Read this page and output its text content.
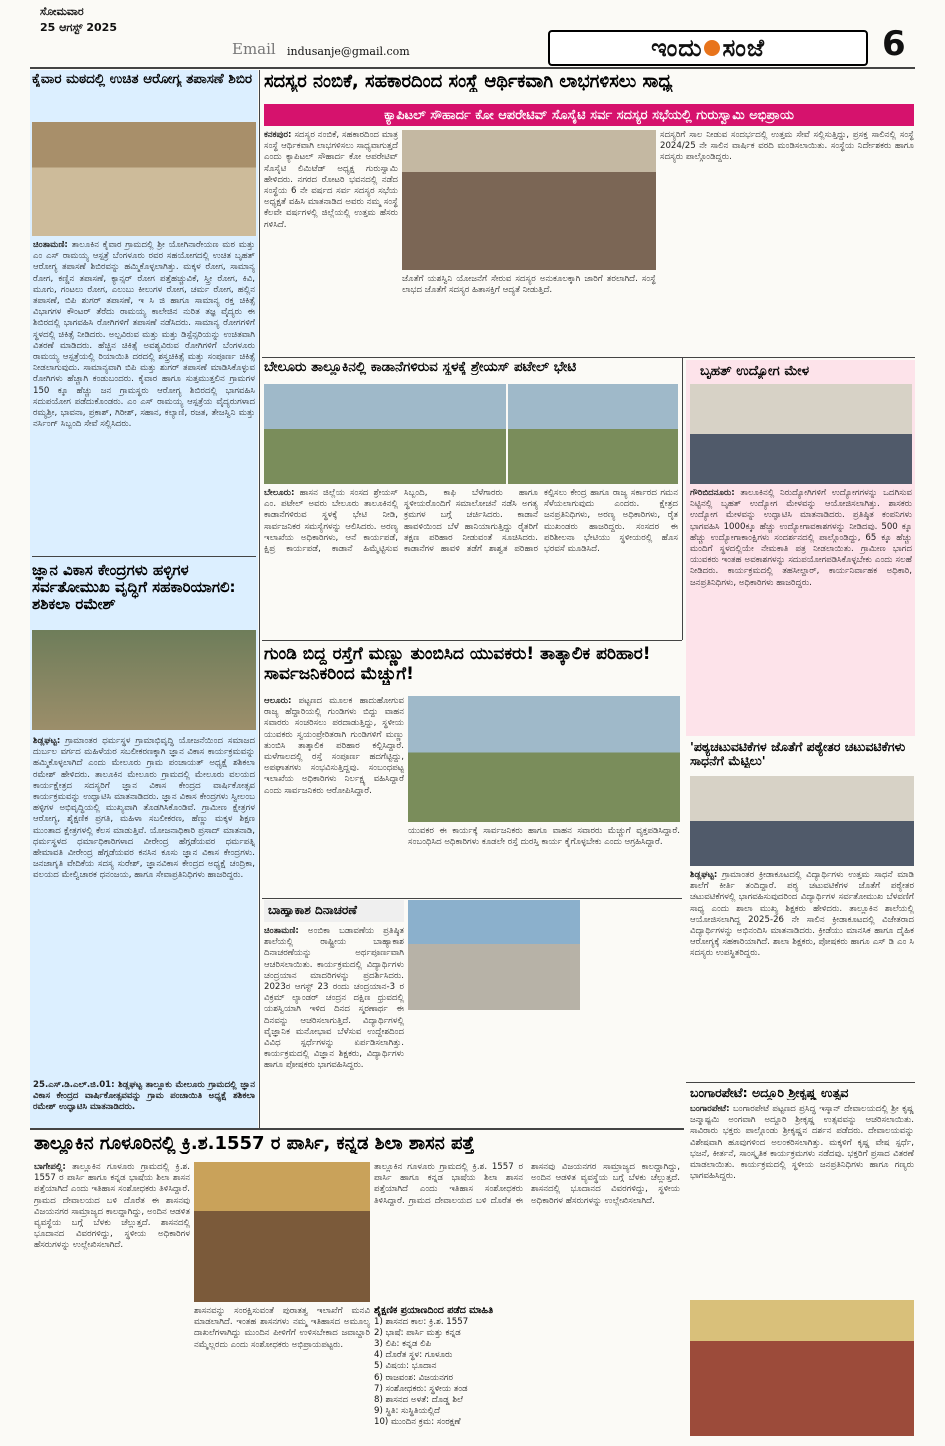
ಸೋಮವಾರ
25 ಆಗಸ್ಟ್ 2025
Email indusanje@gmail.com	ಇಂದು ಸಂಜೆ	6
ಕೈವಾರ ಮಠದಲ್ಲಿ ಉಚಿತ ಆರೋಗ್ಯ ತಪಾಸಣೆ ಶಿಬಿರ
ಚಿಂತಾಮಣಿ: ತಾಲೂಕಿನ ಕೈವಾರ ಗ್ರಾಮದಲ್ಲಿ ಶ್ರೀ ಯೋಗಿನಾರೇಯಣ ಮಠ ಮತ್ತು ಎಂ ಎಸ್ ರಾಮಯ್ಯ ಆಸ್ಪತ್ರೆ ಬೆಂಗಳೂರು ರವರ ಸಹಯೋಗದಲ್ಲಿ ಉಚಿತ ಬೃಹತ್ ಆರೋಗ್ಯ ತಪಾಸಣೆ ಶಿಬಿರವನ್ನು ಹಮ್ಮಿಕೊಳ್ಳಲಾಗಿತ್ತು. ಮಕ್ಕಳ ರೋಗ, ಸಾಮಾನ್ಯ ರೋಗ, ಕಣ್ಣಿನ ತಪಾಸಣೆ, ಕ್ಯಾನ್ಸರ್ ರೋಗ ಪತ್ತೆಹಚ್ಚುವಿಕೆ, ಸ್ತ್ರೀ ರೋಗ, ಕಿವಿ, ಮೂಗು, ಗಂಟಲು ರೋಗ, ಎಲುಬು ಕೀಲುಗಳ ರೋಗ, ಚರ್ಮ ರೋಗ, ಹಲ್ಲಿನ ತಪಾಸಣೆ, ಬಿಪಿ ಶುಗರ್ ತಪಾಸಣೆ, ಇ ಸಿ ಜಿ ಹಾಗೂ ಸಾಮಾನ್ಯ ರಕ್ತ ಚಿಕಿತ್ಸೆ ವಿಭಾಗಗಳ ಕೌಂಟರ್ ತೆರೆದು ರಾಮಯ್ಯ ಕಾಲೇಜಿನ ನುರಿತ ತಜ್ಞ ವೈದ್ಯರು ಈ ಶಿಬಿರದಲ್ಲಿ ಭಾಗವಹಿಸಿ ರೋಗಿಗಳಿಗೆ ತಪಾಸಣೆ ನಡೆಸಿದರು. ಸಾಮಾನ್ಯ ರೋಗಗಳಿಗೆ ಸ್ಥಳದಲ್ಲಿ ಚಿಕಿತ್ಸೆ ನೀಡಿದರು. ಅಲ್ಪವಿರುವ ಮತ್ತು ಮತ್ತು ಡಿಸ್ಪೆನ್ಸರಿಯನ್ನು ಉಚಿತವಾಗಿ ವಿತರಣೆ ಮಾಡಿದರು. ಹೆಚ್ಚಿನ ಚಿಕಿತ್ಸೆ ಅವಶ್ಯವಿರುವ ರೋಗಿಗಳಿಗೆ ಬೆಂಗಳೂರು ರಾಮಯ್ಯ ಆಸ್ಪತ್ರೆಯಲ್ಲಿ ರಿಯಾಯಿತಿ ದರದಲ್ಲಿ ಶಸ್ತ್ರಚಿಕಿತ್ಸೆ ಮತ್ತು ಸಂಪೂರ್ಣ ಚಿಕಿತ್ಸೆ ನೀಡಲಾಗುವುದು. ಸಾಮಾನ್ಯವಾಗಿ ಬಿಪಿ ಮತ್ತು ಶುಗರ್ ತಪಾಸಣೆ ಮಾಡಿಸಿಕೊಳ್ಳುವ ರೋಗಿಗಳು ಹೆಚ್ಚಾಗಿ ಕಂಡುಬಂದರು. ಕೈವಾರ ಹಾಗೂ ಸುತ್ತಮುತ್ತಲಿನ ಗ್ರಾಮಗಳ 150 ಕ್ಕೂ ಹೆಚ್ಚು ಜನ ಗ್ರಾಮಸ್ಥರು ಆರೋಗ್ಯ ಶಿಬಿರದಲ್ಲಿ ಭಾಗವಹಿಸಿ ಸದುಪಯೋಗ ಪಡೆದುಕೊಂಡರು. ಎಂ ಎಸ್ ರಾಮಯ್ಯ ಆಸ್ಪತ್ರೆಯ ವೈದ್ಯರುಗಳಾದ ರಮ್ಯಶ್ರೀ, ಭಾವನಾ, ಪ್ರಕಾಶ್, ಗಿರೀಶ್, ಸಹಾನ, ಕಲ್ಯಾಣಿ, ರಜತ, ತೇಜಸ್ವಿನಿ ಮತ್ತು ನರ್ಸಿಂಗ್ ಸಿಬ್ಬಂದಿ ಸೇವೆ ಸಲ್ಲಿಸಿದರು.
ಜ್ಞಾನ ವಿಕಾಸ ಕೇಂದ್ರಗಳು ಹಳ್ಳಿಗಳ ಸರ್ವತೋಮುಖ ವೃದ್ಧಿಗೆ ಸಹಕಾರಿಯಾಗಲಿ: ಶಶಿಕಲಾ ರಮೇಶ್
ಶಿಡ್ಲಘಟ್ಟ: ಗ್ರಾಮಾಂತರ ಧರ್ಮಸ್ಥಳ ಗ್ರಾಮಾಭಿವೃದ್ಧಿ ಯೋಜನೆಯಿಂದ ಸಮಾಜದ ದುರ್ಬಲ ವರ್ಗದ ಮಹಿಳೆಯರ ಸಬಲೀಕರಣಕ್ಕಾಗಿ ಜ್ಞಾನ ವಿಕಾಸ ಕಾರ್ಯಕ್ರಮವನ್ನು ಹಮ್ಮಿಕೊಳ್ಳಲಾಗಿದೆ ಎಂದು ಮೇಲೂರು ಗ್ರಾಮ ಪಂಚಾಯತ್ ಅಧ್ಯಕ್ಷೆ ಶಶಿಕಲಾ ರಮೇಶ್ ಹೇಳಿದರು. ತಾಲೂಕಿನ ಮೇಲೂರು ಗ್ರಾಮದಲ್ಲಿ ಮೇಲೂರು ವಲಯದ ಕಾರ್ಯಕ್ಷೇತ್ರದ ಸದಸ್ಯರಿಗೆ ಜ್ಞಾನ ವಿಕಾಸ ಕೇಂದ್ರದ ವಾರ್ಷಿಕೋತ್ಸವ ಕಾರ್ಯಕ್ರಮವನ್ನು ಉದ್ಘಾಟಿಸಿ ಮಾತನಾಡಿದರು. ಜ್ಞಾನ ವಿಕಾಸ ಕೇಂದ್ರಗಳು ಸ್ವೀಲಂಬ ಹಳ್ಳಿಗಳ ಅಭಿವೃದ್ಧಿಯಲ್ಲಿ ಮುಖ್ಯವಾಗಿ ತೊಡಗಿಸಿಕೊಂಡಿವೆ. ಗ್ರಾಮೀಣ ಕ್ಷೇತ್ರಗಳ ಆರೋಗ್ಯ, ಶೈಕ್ಷಣಿಕ ಪ್ರಗತಿ, ಮಹಿಳಾ ಸಬಲೀಕರಣ, ಹೆಣ್ಣು ಮಕ್ಕಳ ಶಿಕ್ಷಣ ಮುಂತಾದ ಕ್ಷೇತ್ರಗಳಲ್ಲಿ ಕೆಲಸ ಮಾಡುತ್ತಿವೆ. ಯೋಜನಾಧಿಕಾರಿ ಪ್ರಸಾದ್ ಮಾತನಾಡಿ, ಧರ್ಮಸ್ಥಳದ ಧರ್ಮಾಧಿಕಾರಿಗಳಾದ ವೀರೇಂದ್ರ ಹೆಗ್ಗಡೆಯವರ ಧರ್ಮಪತ್ನಿ ಹೇಮಾವತಿ ವೀರೇಂದ್ರ ಹೆಗ್ಗಡೆಯವರ ಕನಸಿನ ಕೂಸು ಜ್ಞಾನ ವಿಕಾಸ ಕೇಂದ್ರಗಳು. ಜನಜಾಗೃತಿ ವೇದಿಕೆಯ ಸದಸ್ಯ ಸುರೇಶ್, ಜ್ಞಾನವಿಕಾಸ ಕೇಂದ್ರದ ಅಧ್ಯಕ್ಷೆ ಚಂದ್ರಿಕಾ, ವಲಯದ ಮೇಲ್ವಿಚಾರಕ ಧನಂಜಯ, ಹಾಗೂ ಸೇವಾಪ್ರತಿನಿಧಿಗಳು ಹಾಜರಿದ್ದರು.
25.ಎಸ್.ಡಿ.ಎಲ್.ಜಿ.01: ಶಿಡ್ಲಘಟ್ಟ ತಾಲ್ಲೂಕು ಮೇಲೂರು ಗ್ರಾಮದಲ್ಲಿ ಜ್ಞಾನ ವಿಕಾಸ ಕೇಂದ್ರದ ವಾರ್ಷಿಕೋತ್ಸವವನ್ನು ಗ್ರಾಮ ಪಂಚಾಯಿತಿ ಅಧ್ಯಕ್ಷೆ ಶಶಿಕಲಾ ರಮೇಶ್ ಉದ್ಘಾಟಿಸಿ ಮಾತನಾಡಿದರು.
ಸದಸ್ಯರ ನಂಬಿಕೆ, ಸಹಕಾರದಿಂದ ಸಂಸ್ಥೆ ಆರ್ಥಿಕವಾಗಿ ಲಾಭಗಳಿಸಲು ಸಾಧ್ಯ
ಕ್ಯಾಪಿಟಲ್ ಸೌಹಾರ್ದ ಕೋ ಆಪರೇಟಿವ್ ಸೊಸೈಟಿ ಸರ್ವ ಸದಸ್ಯರ ಸಭೆಯಲ್ಲಿ ಗುರುಸ್ವಾಮಿ ಅಭಿಪ್ರಾಯ
ಕನಕಪುರ: ಸದಸ್ಯರ ನಂಬಿಕೆ, ಸಹಕಾರದಿಂದ ಮಾತ್ರ ಸಂಸ್ಥೆ ಆರ್ಥಿಕವಾಗಿ ಲಾಭಗಳಿಸಲು ಸಾಧ್ಯವಾಗುತ್ತದೆ ಎಂದು ಕ್ಯಾಪಿಟಲ್ ಸೌಹಾರ್ದ ಕೋ ಆಪರೇಟಿವ್ ಸೊಸೈಟಿ ಲಿಮಿಟೆಡ್ ಅಧ್ಯಕ್ಷ ಗುರುಸ್ವಾಮಿ ಹೇಳಿದರು. ನಗರದ ರೋಟರಿ ಭವನದಲ್ಲಿ ನಡೆದ ಸಂಸ್ಥೆಯ 6 ನೇ ವರ್ಷದ ಸರ್ವ ಸದಸ್ಯರ ಸಭೆಯ ಅಧ್ಯಕ್ಷತೆ ವಹಿಸಿ ಮಾತನಾಡಿದ ಅವರು ನಮ್ಮ ಸಂಸ್ಥೆ ಕೆಲವೇ ವರ್ಷಗಳಲ್ಲಿ ಜಿಲ್ಲೆಯಲ್ಲಿ ಉತ್ತಮ ಹೆಸರು ಗಳಿಸಿದೆ.
ಜೊತೆಗೆ ಯಶಸ್ವಿನಿ ಯೋಜನೆಗೆ ಸೇರುವ ಸದಸ್ಯರ ಅನುಕೂಲಕ್ಕಾಗಿ ಜಾರಿಗೆ ತರಲಾಗಿದೆ. ಸಂಸ್ಥೆ ಲಾಭದ ಜೊತೆಗೆ ಸದಸ್ಯರ ಹಿತಾಸಕ್ತಿಗೆ ಆದ್ಯತೆ ನೀಡುತ್ತಿದೆ.
ಸದಸ್ಯರಿಗೆ ಸಾಲ ನೀಡುವ ಸಂದರ್ಭದಲ್ಲಿ ಉತ್ತಮ ಸೇವೆ ಸಲ್ಲಿಸುತ್ತಿದ್ದು, ಪ್ರಸಕ್ತ ಸಾಲಿನಲ್ಲಿ ಸಂಸ್ಥೆ 2024/25 ನೇ ಸಾಲಿನ ವಾರ್ಷಿಕ ವರದಿ ಮಂಡಿಸಲಾಯಿತು. ಸಂಸ್ಥೆಯ ನಿರ್ದೇಶಕರು ಹಾಗೂ ಸದಸ್ಯರು ಪಾಲ್ಗೊಂಡಿದ್ದರು.
ಬೇಲೂರು ತಾಲ್ಲೂಕಿನಲ್ಲಿ ಕಾಡಾನೆಗಳಿರುವ ಸ್ಥಳಕ್ಕೆ ಶ್ರೇಯಸ್ ಪಟೇಲ್ ಭೇಟಿ
ಬೇಲೂರು: ಹಾಸನ ಜಿಲ್ಲೆಯ ಸಂಸದ ಶ್ರೇಯಸ್ ಎಂ. ಪಟೇಲ್ ಅವರು ಬೇಲೂರು ತಾಲೂಕಿನಲ್ಲಿ ಕಾಡಾನೆಗಳಿರುವ ಸ್ಥಳಕ್ಕೆ ಭೇಟಿ ನೀಡಿ, ಸಾರ್ವಜನಿಕರ ಸಮಸ್ಯೆಗಳನ್ನು ಆಲಿಸಿದರು. ಅರಣ್ಯ ಇಲಾಖೆಯ ಅಧಿಕಾರಿಗಳು, ಆನೆ ಕಾರ್ಯಪಡೆ, ಕ್ಷಿಪ್ರ ಕಾರ್ಯಪಡೆ, ಕಾಡಾನೆ ಹಿಮ್ಮೆಟ್ಟಿಸುವ ಸಿಬ್ಬಂದಿ, ಕಾಫಿ ಬೆಳೆಗಾರರು ಹಾಗೂ ಸ್ಥಳೀಯರೊಂದಿಗೆ ಸಮಾಲೋಚನೆ ನಡೆಸಿ ಅಗತ್ಯ ಕ್ರಮಗಳ ಬಗ್ಗೆ ಚರ್ಚಿಸಿದರು. ಕಾಡಾನೆ ಹಾವಳಿಯಿಂದ ಬೆಳೆ ಹಾನಿಯಾಗುತ್ತಿದ್ದು ರೈತರಿಗೆ ತಕ್ಷಣ ಪರಿಹಾರ ನೀಡುವಂತೆ ಸೂಚಿಸಿದರು. ಕಾಡಾನೆಗಳ ಹಾವಳಿ ತಡೆಗೆ ಶಾಶ್ವತ ಪರಿಹಾರ ಕಲ್ಪಿಸಲು ಕೇಂದ್ರ ಹಾಗೂ ರಾಜ್ಯ ಸರ್ಕಾರದ ಗಮನ ಸೆಳೆಯಲಾಗುವುದು ಎಂದರು. ಕ್ಷೇತ್ರದ ಜನಪ್ರತಿನಿಧಿಗಳು, ಅರಣ್ಯ ಅಧಿಕಾರಿಗಳು, ರೈತ ಮುಖಂಡರು ಹಾಜರಿದ್ದರು. ಸಂಸದರ ಈ ಪರಿಶೀಲನಾ ಭೇಟಿಯು ಸ್ಥಳೀಯರಲ್ಲಿ ಹೊಸ ಭರವಸೆ ಮೂಡಿಸಿದೆ.
ಬೃಹತ್ ಉದ್ಯೋಗ ಮೇಳ
ಗೌರಿಬಿದನೂರು: ತಾಲೂಕಿನಲ್ಲಿ ನಿರುದ್ಯೋಗಿಗಳಿಗೆ ಉದ್ಯೋಗಗಳನ್ನು ಒದಗಿಸುವ ನಿಟ್ಟಿನಲ್ಲಿ ಬೃಹತ್ ಉದ್ಯೋಗ ಮೇಳವನ್ನು ಆಯೋಜಿಸಲಾಗಿತ್ತು. ಶಾಸಕರು ಉದ್ಯೋಗ ಮೇಳವನ್ನು ಉದ್ಘಾಟಿಸಿ ಮಾತನಾಡಿದರು. ಪ್ರತಿಷ್ಠಿತ ಕಂಪನಿಗಳು ಭಾಗವಹಿಸಿ 1000ಕ್ಕೂ ಹೆಚ್ಚು ಉದ್ಯೋಗಾವಕಾಶಗಳನ್ನು ನೀಡಿದವು. 500 ಕ್ಕೂ ಹೆಚ್ಚು ಉದ್ಯೋಗಾಕಾಂಕ್ಷಿಗಳು ಸಂದರ್ಶನದಲ್ಲಿ ಪಾಲ್ಗೊಂಡಿದ್ದು, 65 ಕ್ಕೂ ಹೆಚ್ಚು ಮಂದಿಗೆ ಸ್ಥಳದಲ್ಲಿಯೇ ನೇಮಕಾತಿ ಪತ್ರ ನೀಡಲಾಯಿತು. ಗ್ರಾಮೀಣ ಭಾಗದ ಯುವಕರು ಇಂತಹ ಅವಕಾಶಗಳನ್ನು ಸದುಪಯೋಗಪಡಿಸಿಕೊಳ್ಳಬೇಕು ಎಂದು ಸಲಹೆ ನೀಡಿದರು. ಕಾರ್ಯಕ್ರಮದಲ್ಲಿ ತಹಸೀಲ್ದಾರ್, ಕಾರ್ಯನಿರ್ವಾಹಕ ಅಧಿಕಾರಿ, ಜನಪ್ರತಿನಿಧಿಗಳು, ಅಧಿಕಾರಿಗಳು ಹಾಜರಿದ್ದರು.
ಗುಂಡಿ ಬಿದ್ದ ರಸ್ತೆಗೆ ಮಣ್ಣು ತುಂಬಿಸಿದ ಯುವಕರು! ತಾತ್ಕಾಲಿಕ ಪರಿಹಾರ! ಸಾರ್ವಜನಿಕರಿಂದ ಮೆಚ್ಚುಗೆ!
ಆಲೂರು: ಪಟ್ಟಣದ ಮೂಲಕ ಹಾದುಹೋಗುವ ರಾಜ್ಯ ಹೆದ್ದಾರಿಯಲ್ಲಿ ಗುಂಡಿಗಳು ಬಿದ್ದು ವಾಹನ ಸವಾರರು ಸಂಚರಿಸಲು ಪರದಾಡುತ್ತಿದ್ದು, ಸ್ಥಳೀಯ ಯುವಕರು ಸ್ವಯಂಪ್ರೇರಿತರಾಗಿ ಗುಂಡಿಗಳಿಗೆ ಮಣ್ಣು ತುಂಬಿಸಿ ತಾತ್ಕಾಲಿಕ ಪರಿಹಾರ ಕಲ್ಪಿಸಿದ್ದಾರೆ. ಮಳೆಗಾಲದಲ್ಲಿ ರಸ್ತೆ ಸಂಪೂರ್ಣ ಹದಗೆಟ್ಟಿದ್ದು, ಅಪಘಾತಗಳು ಸಂಭವಿಸುತ್ತಿದ್ದವು. ಸಂಬಂಧಪಟ್ಟ ಇಲಾಖೆಯ ಅಧಿಕಾರಿಗಳು ನಿರ್ಲಕ್ಷ್ಯ ವಹಿಸಿದ್ದಾರೆ ಎಂದು ಸಾರ್ವಜನಿಕರು ಆರೋಪಿಸಿದ್ದಾರೆ.
ಯುವಕರ ಈ ಕಾರ್ಯಕ್ಕೆ ಸಾರ್ವಜನಿಕರು ಹಾಗೂ ವಾಹನ ಸವಾರರು ಮೆಚ್ಚುಗೆ ವ್ಯಕ್ತಪಡಿಸಿದ್ದಾರೆ. ಸಂಬಂಧಿಸಿದ ಅಧಿಕಾರಿಗಳು ಕೂಡಲೇ ರಸ್ತೆ ದುರಸ್ತಿ ಕಾರ್ಯ ಕೈಗೊಳ್ಳಬೇಕು ಎಂದು ಆಗ್ರಹಿಸಿದ್ದಾರೆ.
ಬಾಹ್ಯಾಕಾಶ ದಿನಾಚರಣೆ
ಚಿಂತಾಮಣಿ: ಅಂಬಿಕಾ ಬಡಾವಣೆಯ ಪ್ರತಿಷ್ಠಿತ ಶಾಲೆಯಲ್ಲಿ ರಾಷ್ಟ್ರೀಯ ಬಾಹ್ಯಾಕಾಶ ದಿನಾಚರಣೆಯನ್ನು ಅರ್ಥಪೂರ್ಣವಾಗಿ ಆಚರಿಸಲಾಯಿತು. ಕಾರ್ಯಕ್ರಮದಲ್ಲಿ ವಿದ್ಯಾರ್ಥಿಗಳು ಚಂದ್ರಯಾನ ಮಾದರಿಗಳನ್ನು ಪ್ರದರ್ಶಿಸಿದರು. 2023ರ ಆಗಸ್ಟ್ 23 ರಂದು ಚಂದ್ರಯಾನ-3 ರ ವಿಕ್ರಮ್ ಲ್ಯಾಂಡರ್ ಚಂದ್ರನ ದಕ್ಷಿಣ ಧ್ರುವದಲ್ಲಿ ಯಶಸ್ವಿಯಾಗಿ ಇಳಿದ ದಿನದ ಸ್ಮರಣಾರ್ಥ ಈ ದಿನವನ್ನು ಆಚರಿಸಲಾಗುತ್ತಿದೆ. ವಿದ್ಯಾರ್ಥಿಗಳಲ್ಲಿ ವೈಜ್ಞಾನಿಕ ಮನೋಭಾವ ಬೆಳೆಸುವ ಉದ್ದೇಶದಿಂದ ವಿವಿಧ ಸ್ಪರ್ಧೆಗಳನ್ನು ಏರ್ಪಡಿಸಲಾಗಿತ್ತು. ಕಾರ್ಯಕ್ರಮದಲ್ಲಿ ವಿಜ್ಞಾನ ಶಿಕ್ಷಕರು, ವಿದ್ಯಾರ್ಥಿಗಳು ಹಾಗೂ ಪೋಷಕರು ಭಾಗವಹಿಸಿದ್ದರು.
'ಪಠ್ಯಚಟುವಟಿಕೆಗಳ ಜೊತೆಗೆ ಪಠ್ಯೇತರ ಚಟುವಟಿಕೆಗಳು ಸಾಧನೆಗೆ ಮೆಟ್ಟಿಲು'
ಶಿಡ್ಲಘಟ್ಟ: ಗ್ರಾಮಾಂತರ ಕ್ರೀಡಾಕೂಟದಲ್ಲಿ ವಿದ್ಯಾರ್ಥಿಗಳು ಉತ್ತಮ ಸಾಧನೆ ಮಾಡಿ ಶಾಲೆಗೆ ಕೀರ್ತಿ ತಂದಿದ್ದಾರೆ. ಪಠ್ಯ ಚಟುವಟಿಕೆಗಳ ಜೊತೆಗೆ ಪಠ್ಯೇತರ ಚಟುವಟಿಕೆಗಳಲ್ಲಿ ಭಾಗವಹಿಸುವುದರಿಂದ ವಿದ್ಯಾರ್ಥಿಗಳ ಸರ್ವತೋಮುಖ ಬೆಳವಣಿಗೆ ಸಾಧ್ಯ ಎಂದು ಶಾಲಾ ಮುಖ್ಯ ಶಿಕ್ಷಕರು ಹೇಳಿದರು. ತಾಲ್ಲೂಕಿನ ಶಾಲೆಯಲ್ಲಿ ಆಯೋಜಿಸಲಾಗಿದ್ದ 2025-26 ನೇ ಸಾಲಿನ ಕ್ರೀಡಾಕೂಟದಲ್ಲಿ ವಿಜೇತರಾದ ವಿದ್ಯಾರ್ಥಿಗಳನ್ನು ಅಭಿನಂದಿಸಿ ಮಾತನಾಡಿದರು. ಕ್ರೀಡೆಯು ಮಾನಸಿಕ ಹಾಗೂ ದೈಹಿಕ ಆರೋಗ್ಯಕ್ಕೆ ಸಹಕಾರಿಯಾಗಿದೆ. ಶಾಲಾ ಶಿಕ್ಷಕರು, ಪೋಷಕರು ಹಾಗೂ ಎಸ್ ಡಿ ಎಂ ಸಿ ಸದಸ್ಯರು ಉಪಸ್ಥಿತರಿದ್ದರು.
ಬಂಗಾರಪೇಟೆ: ಅದ್ದೂರಿ ಶ್ರೀಕೃಷ್ಣ ಉತ್ಸವ
ಬಂಗಾರಪೇಟೆ: ಬಂಗಾರಪೇಟೆ ಪಟ್ಟಣದ ಪ್ರಸಿದ್ಧ ಇಸ್ಕಾನ್ ದೇವಾಲಯದಲ್ಲಿ ಶ್ರೀ ಕೃಷ್ಣ ಜನ್ಮಾಷ್ಟಮಿ ಅಂಗವಾಗಿ ಅದ್ದೂರಿ ಶ್ರೀಕೃಷ್ಣ ಉತ್ಸವವನ್ನು ಆಚರಿಸಲಾಯಿತು. ಸಾವಿರಾರು ಭಕ್ತರು ಪಾಲ್ಗೊಂಡು ಶ್ರೀಕೃಷ್ಣನ ದರ್ಶನ ಪಡೆದರು. ದೇವಾಲಯವನ್ನು ವಿಶೇಷವಾಗಿ ಹೂವುಗಳಿಂದ ಅಲಂಕರಿಸಲಾಗಿತ್ತು. ಮಕ್ಕಳಿಗೆ ಕೃಷ್ಣ ವೇಷ ಸ್ಪರ್ಧೆ, ಭಜನೆ, ಕೀರ್ತನೆ, ಸಾಂಸ್ಕೃತಿಕ ಕಾರ್ಯಕ್ರಮಗಳು ನಡೆದವು. ಭಕ್ತರಿಗೆ ಪ್ರಸಾದ ವಿತರಣೆ ಮಾಡಲಾಯಿತು. ಕಾರ್ಯಕ್ರಮದಲ್ಲಿ ಸ್ಥಳೀಯ ಜನಪ್ರತಿನಿಧಿಗಳು ಹಾಗೂ ಗಣ್ಯರು ಭಾಗವಹಿಸಿದ್ದರು.
ತಾಲ್ಲೂಕಿನ ಗೂಳೂರಿನಲ್ಲಿ ಕ್ರಿ.ಶ.1557 ರ ಪಾರ್ಸಿ, ಕನ್ನಡ ಶಿಲಾ ಶಾಸನ ಪತ್ತೆ
ಬಾಗೇಪಲ್ಲಿ: ತಾಲ್ಲೂಕಿನ ಗೂಳೂರು ಗ್ರಾಮದಲ್ಲಿ ಕ್ರಿ.ಶ. 1557 ರ ಪಾರ್ಸಿ ಹಾಗೂ ಕನ್ನಡ ಭಾಷೆಯ ಶಿಲಾ ಶಾಸನ ಪತ್ತೆಯಾಗಿದೆ ಎಂದು ಇತಿಹಾಸ ಸಂಶೋಧಕರು ತಿಳಿಸಿದ್ದಾರೆ. ಗ್ರಾಮದ ದೇವಾಲಯದ ಬಳಿ ದೊರೆತ ಈ ಶಾಸನವು ವಿಜಯನಗರ ಸಾಮ್ರಾಜ್ಯದ ಕಾಲದ್ದಾಗಿದ್ದು, ಅಂದಿನ ಆಡಳಿತ ವ್ಯವಸ್ಥೆಯ ಬಗ್ಗೆ ಬೆಳಕು ಚೆಲ್ಲುತ್ತದೆ. ಶಾಸನದಲ್ಲಿ ಭೂದಾನದ ವಿವರಗಳಿದ್ದು, ಸ್ಥಳೀಯ ಅಧಿಕಾರಿಗಳ ಹೆಸರುಗಳನ್ನು ಉಲ್ಲೇಖಿಸಲಾಗಿದೆ.
ಶಾಸನವನ್ನು ಸಂರಕ್ಷಿಸುವಂತೆ ಪುರಾತತ್ವ ಇಲಾಖೆಗೆ ಮನವಿ ಮಾಡಲಾಗಿದೆ. ಇಂತಹ ಶಾಸನಗಳು ನಮ್ಮ ಇತಿಹಾಸದ ಅಮೂಲ್ಯ ದಾಖಲೆಗಳಾಗಿದ್ದು ಮುಂದಿನ ಪೀಳಿಗೆಗೆ ಉಳಿಸಬೇಕಾದ ಜವಾಬ್ದಾರಿ ನಮ್ಮೆಲ್ಲರದು ಎಂದು ಸಂಶೋಧಕರು ಅಭಿಪ್ರಾಯಪಟ್ಟರು.
ತಾಲ್ಲೂಕಿನ ಗೂಳೂರು ಗ್ರಾಮದಲ್ಲಿ ಕ್ರಿ.ಶ. 1557 ರ ಪಾರ್ಸಿ ಹಾಗೂ ಕನ್ನಡ ಭಾಷೆಯ ಶಿಲಾ ಶಾಸನ ಪತ್ತೆಯಾಗಿದೆ ಎಂದು ಇತಿಹಾಸ ಸಂಶೋಧಕರು ತಿಳಿಸಿದ್ದಾರೆ. ಗ್ರಾಮದ ದೇವಾಲಯದ ಬಳಿ ದೊರೆತ ಈ ಶಾಸನವು ವಿಜಯನಗರ ಸಾಮ್ರಾಜ್ಯದ ಕಾಲದ್ದಾಗಿದ್ದು, ಅಂದಿನ ಆಡಳಿತ ವ್ಯವಸ್ಥೆಯ ಬಗ್ಗೆ ಬೆಳಕು ಚೆಲ್ಲುತ್ತದೆ. ಶಾಸನದಲ್ಲಿ ಭೂದಾನದ ವಿವರಗಳಿದ್ದು, ಸ್ಥಳೀಯ ಅಧಿಕಾರಿಗಳ ಹೆಸರುಗಳನ್ನು ಉಲ್ಲೇಖಿಸಲಾಗಿದೆ.
ಶೈಕ್ಷಣಿಕ ಪ್ರಯಾಣದಿಂದ ಪಡೆದ ಮಾಹಿತಿ
1) ಶಾಸನದ ಕಾಲ: ಕ್ರಿ.ಶ. 1557
2) ಭಾಷೆ: ಪಾರ್ಸಿ ಮತ್ತು ಕನ್ನಡ
3) ಲಿಪಿ: ಕನ್ನಡ ಲಿಪಿ
4) ದೊರೆತ ಸ್ಥಳ: ಗೂಳೂರು
5) ವಿಷಯ: ಭೂದಾನ
6) ರಾಜವಂಶ: ವಿಜಯನಗರ
7) ಸಂಶೋಧಕರು: ಸ್ಥಳೀಯ ತಂಡ
8) ಶಾಸನದ ಅಳತೆ: ದೊಡ್ಡ ಶಿಲೆ
9) ಸ್ಥಿತಿ: ಸುಸ್ಥಿತಿಯಲ್ಲಿದೆ
10) ಮುಂದಿನ ಕ್ರಮ: ಸಂರಕ್ಷಣೆ
